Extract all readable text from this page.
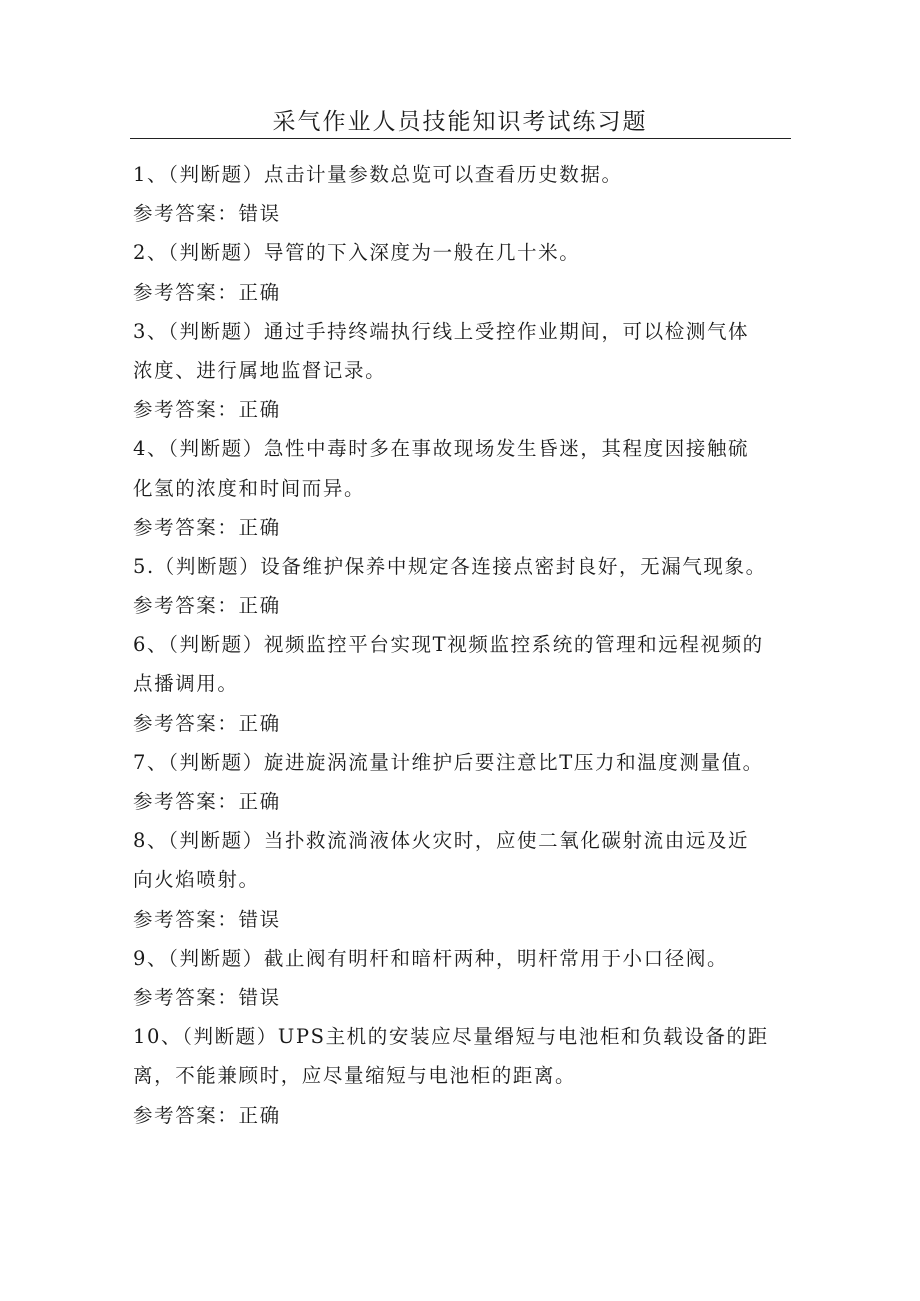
采气作业人员技能知识考试练习题
1、（判断题）点击计量参数总览可以查看历史数据。
参考答案：错误
2、（判断题）导管的下入深度为一般在几十米。
参考答案：正确
3、（判断题）通过手持终端执行线上受控作业期间，可以检测气体
浓度、进行属地监督记录。
参考答案：正确
4、（判断题）急性中毒时多在事故现场发生昏迷，其程度因接触硫
化氢的浓度和时间而异。
参考答案：正确
5.（判断题）设备维护保养中规定各连接点密封良好，无漏气现象。
参考答案：正确
6、（判断题）视频监控平台实现T视频监控系统的管理和远程视频的
点播调用。
参考答案：正确
7、（判断题）旋进旋涡流量计维护后要注意比T压力和温度测量值。
参考答案：正确
8、（判断题）当扑救流淌液体火灾时，应使二氧化碳射流由远及近
向火焰喷射。
参考答案：错误
9、（判断题）截止阀有明杆和暗杆两种，明杆常用于小口径阀。
参考答案：错误
10、（判断题）UPS主机的安装应尽量缗短与电池柜和负载设备的距
离，不能兼顾时，应尽量缩短与电池柜的距离。
参考答案：正确
